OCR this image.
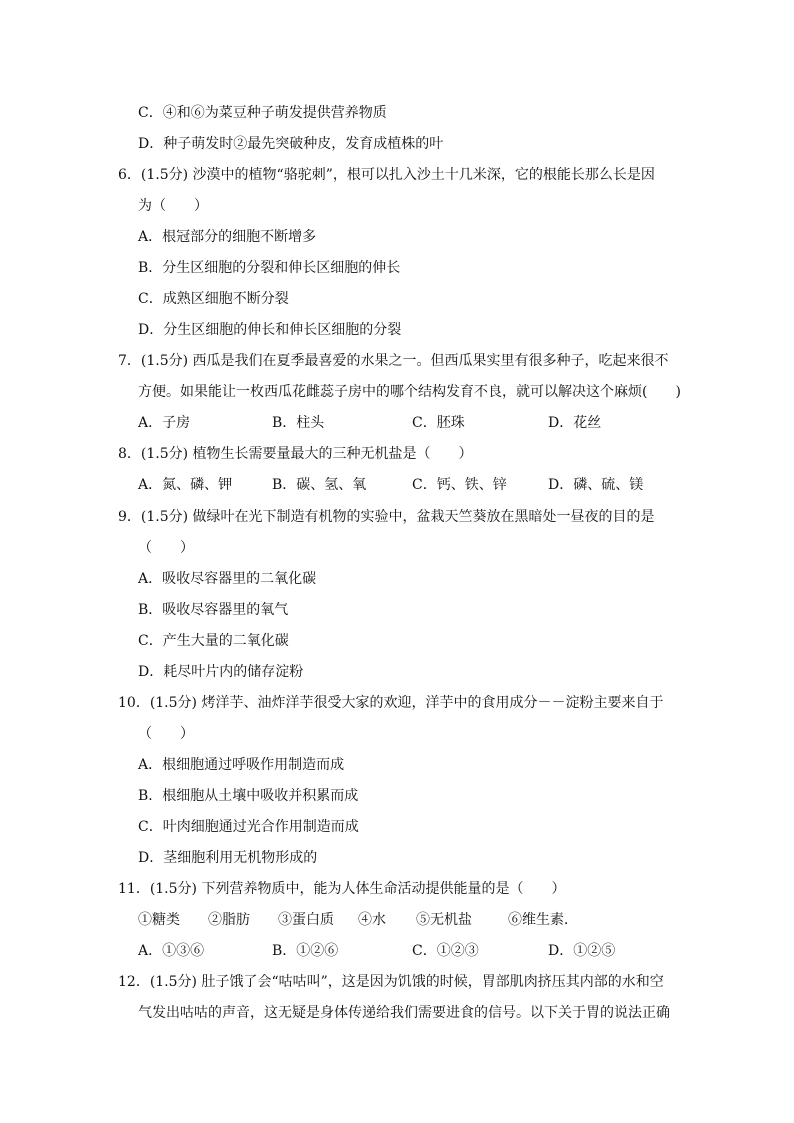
C．④和⑥为菜豆种子萌发提供营养物质
D．种子萌发时②最先突破种皮，发育成植株的叶
6．(1.5分) 沙漠中的植物“骆驼刺”，根可以扎入沙土十几米深，它的根能长那么长是因
为（　　）
A．根冠部分的细胞不断增多
B．分生区细胞的分裂和伸长区细胞的伸长
C．成熟区细胞不断分裂
D．分生区细胞的伸长和伸长区细胞的分裂
7．(1.5分) 西瓜是我们在夏季最喜爱的水果之一。但西瓜果实里有很多种子，吃起来很不
方便。如果能让一枚西瓜花雌蕊子房中的哪个结构发育不良，就可以解决这个麻烦(　　)
A．子房	B．柱头	C．胚珠	D．花丝
8．(1.5分) 植物生长需要量最大的三种无机盐是（　　）
A．氮、磷、钾	B．碳、氢、氧	C．钙、铁、锌	D．磷、硫、镁
9．(1.5分) 做绿叶在光下制造有机物的实验中，盆栽天竺葵放在黑暗处一昼夜的目的是
（　　）
A．吸收尽容器里的二氧化碳
B．吸收尽容器里的氧气
C．产生大量的二氧化碳
D．耗尽叶片内的储存淀粉
10．(1.5分) 烤洋芋、油炸洋芋很受大家的欢迎，洋芋中的食用成分－－淀粉主要来自于
（　　）
A．根细胞通过呼吸作用制造而成
B．根细胞从土壤中吸收并积累而成
C．叶肉细胞通过光合作用制造而成
D．茎细胞利用无机物形成的
11．(1.5分) 下列营养物质中，能为人体生命活动提供能量的是（　　）
①糖类 ②脂肪 ③蛋白质 ④水 ⑤无机盐	⑥维生素．
A．①③⑥	B．①②⑥	C．①②③	D．①②⑤
12．(1.5分) 肚子饿了会“咕咕叫”，这是因为饥饿的时候，胃部肌肉挤压其内部的水和空
气发出咕咕的声音，这无疑是身体传递给我们需要进食的信号。以下关于胃的说法正确
